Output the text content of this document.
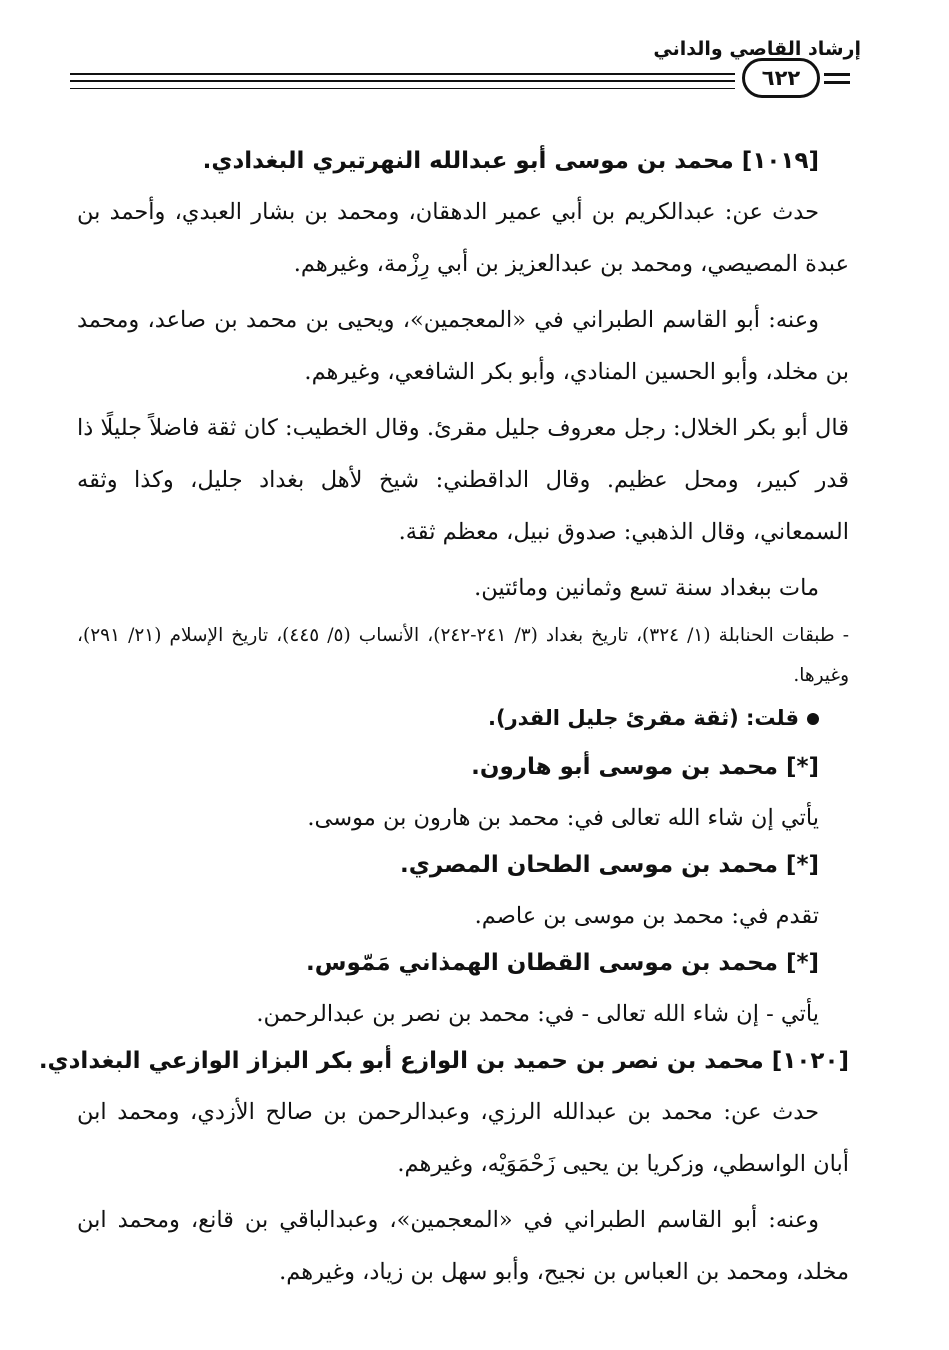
إرشاد القاصي والداني
٦٢٢
[١٠١٩] محمد بن موسى أبو عبدالله النهرتيري البغدادي.
حدث عن: عبدالكريم بن أبي عمير الدهقان، ومحمد بن بشار العبدي، وأحمد بن عبدة المصيصي، ومحمد بن عبدالعزيز بن أبي رِزْمة، وغيرهم.
وعنه: أبو القاسم الطبراني في «المعجمين»، ويحيى بن محمد بن صاعد، ومحمد بن مخلد، وأبو الحسين المنادي، وأبو بكر الشافعي، وغيرهم.
قال أبو بكر الخلال: رجل معروف جليل مقرئ. وقال الخطيب: كان ثقة فاضلاً جليلًا ذا قدر كبير، ومحل عظيم. وقال الداقطني: شيخ لأهل بغداد جليل، وكذا وثقه السمعاني، وقال الذهبي: صدوق نبيل، معظم ثقة.
مات ببغداد سنة تسع وثمانين ومائتين.
- طبقات الحنابلة (١/ ٣٢٤)، تاريخ بغداد (٣/ ٢٤١-٢٤٢)، الأنساب (٥/ ٤٤٥)، تاريخ الإسلام (٢١/ ٢٩١)، وغيرها.
قلت: (ثقة مقرئ جليل القدر).
[*] محمد بن موسى أبو هارون.
يأتي إن شاء الله تعالى في: محمد بن هارون بن موسى.
[*] محمد بن موسى الطحان المصري.
تقدم في: محمد بن موسى بن عاصم.
[*] محمد بن موسى القطان الهمذاني مَمّوس.
يأتي - إن شاء الله تعالى - في: محمد بن نصر بن عبدالرحمن.
[١٠٢٠] محمد بن نصر بن حميد بن الوازع أبو بكر البزاز الوازعي البغدادي.
حدث عن: محمد بن عبدالله الرزي، وعبدالرحمن بن صالح الأزدي، ومحمد ابن أبان الواسطي، وزكريا بن يحيى زَحْمَوَيْه، وغيرهم.
وعنه: أبو القاسم الطبراني في «المعجمين»، وعبدالباقي بن قانع، ومحمد ابن مخلد، ومحمد بن العباس بن نجيح، وأبو سهل بن زياد، وغيرهم.
